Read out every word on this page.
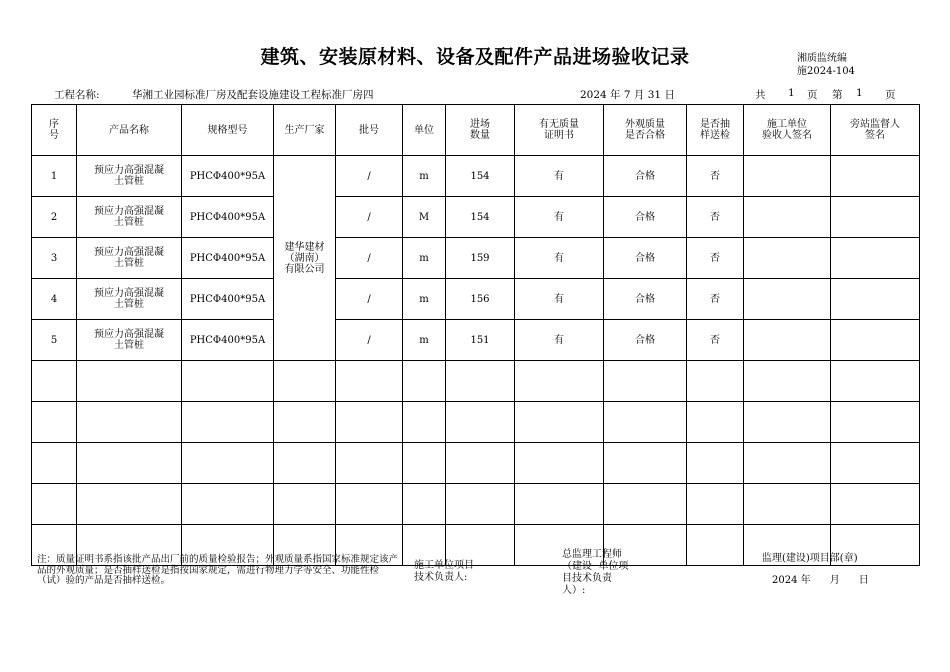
建筑、安装原材料、设备及配件产品进场验收记录	湘质监统编
施2024-104
工程名称:	华湘工业园标准厂房及配套设施建设工程标准厂房四	2024 年 7 月 31 日	共 1 页 第 1 页
序
号	产品名称	规格型号	生产厂家	批号	单位	进场
数量	有无质量
证明书	外观质量
是否合格	是否抽
样送检	施工单位
验收人签名	旁站监督人
签名
1	预应力高强混凝
土管桩	PHCΦ400*95A	建华建材
（湖南）
有限公司	/	m	154	有	合格	否		
2	预应力高强混凝
土管桩	PHCΦ400*95A		/	M	154	有	合格	否		
3	预应力高强混凝
土管桩	PHCΦ400*95A		/	m	159	有	合格	否		
4	预应力高强混凝
土管桩	PHCΦ400*95A		/	m	156	有	合格	否		
5	预应力高强混凝
土管桩	PHCΦ400*95A		/	m	151	有	合格	否		

注：质量证明书系指该批产品出厂前的质量检验报告；外观质量系指国家标准规定该产品的外观质量；是否抽样送检是指按国家规定，需进行物理力学等安全、功能性检（试）验的产品是否抽样送检。
施工单位项目
技术负责人:
总监理工程师
（建设  单位项
目技术负责
人）:
监理(建设)项目部(章)
2024 年      月      日
